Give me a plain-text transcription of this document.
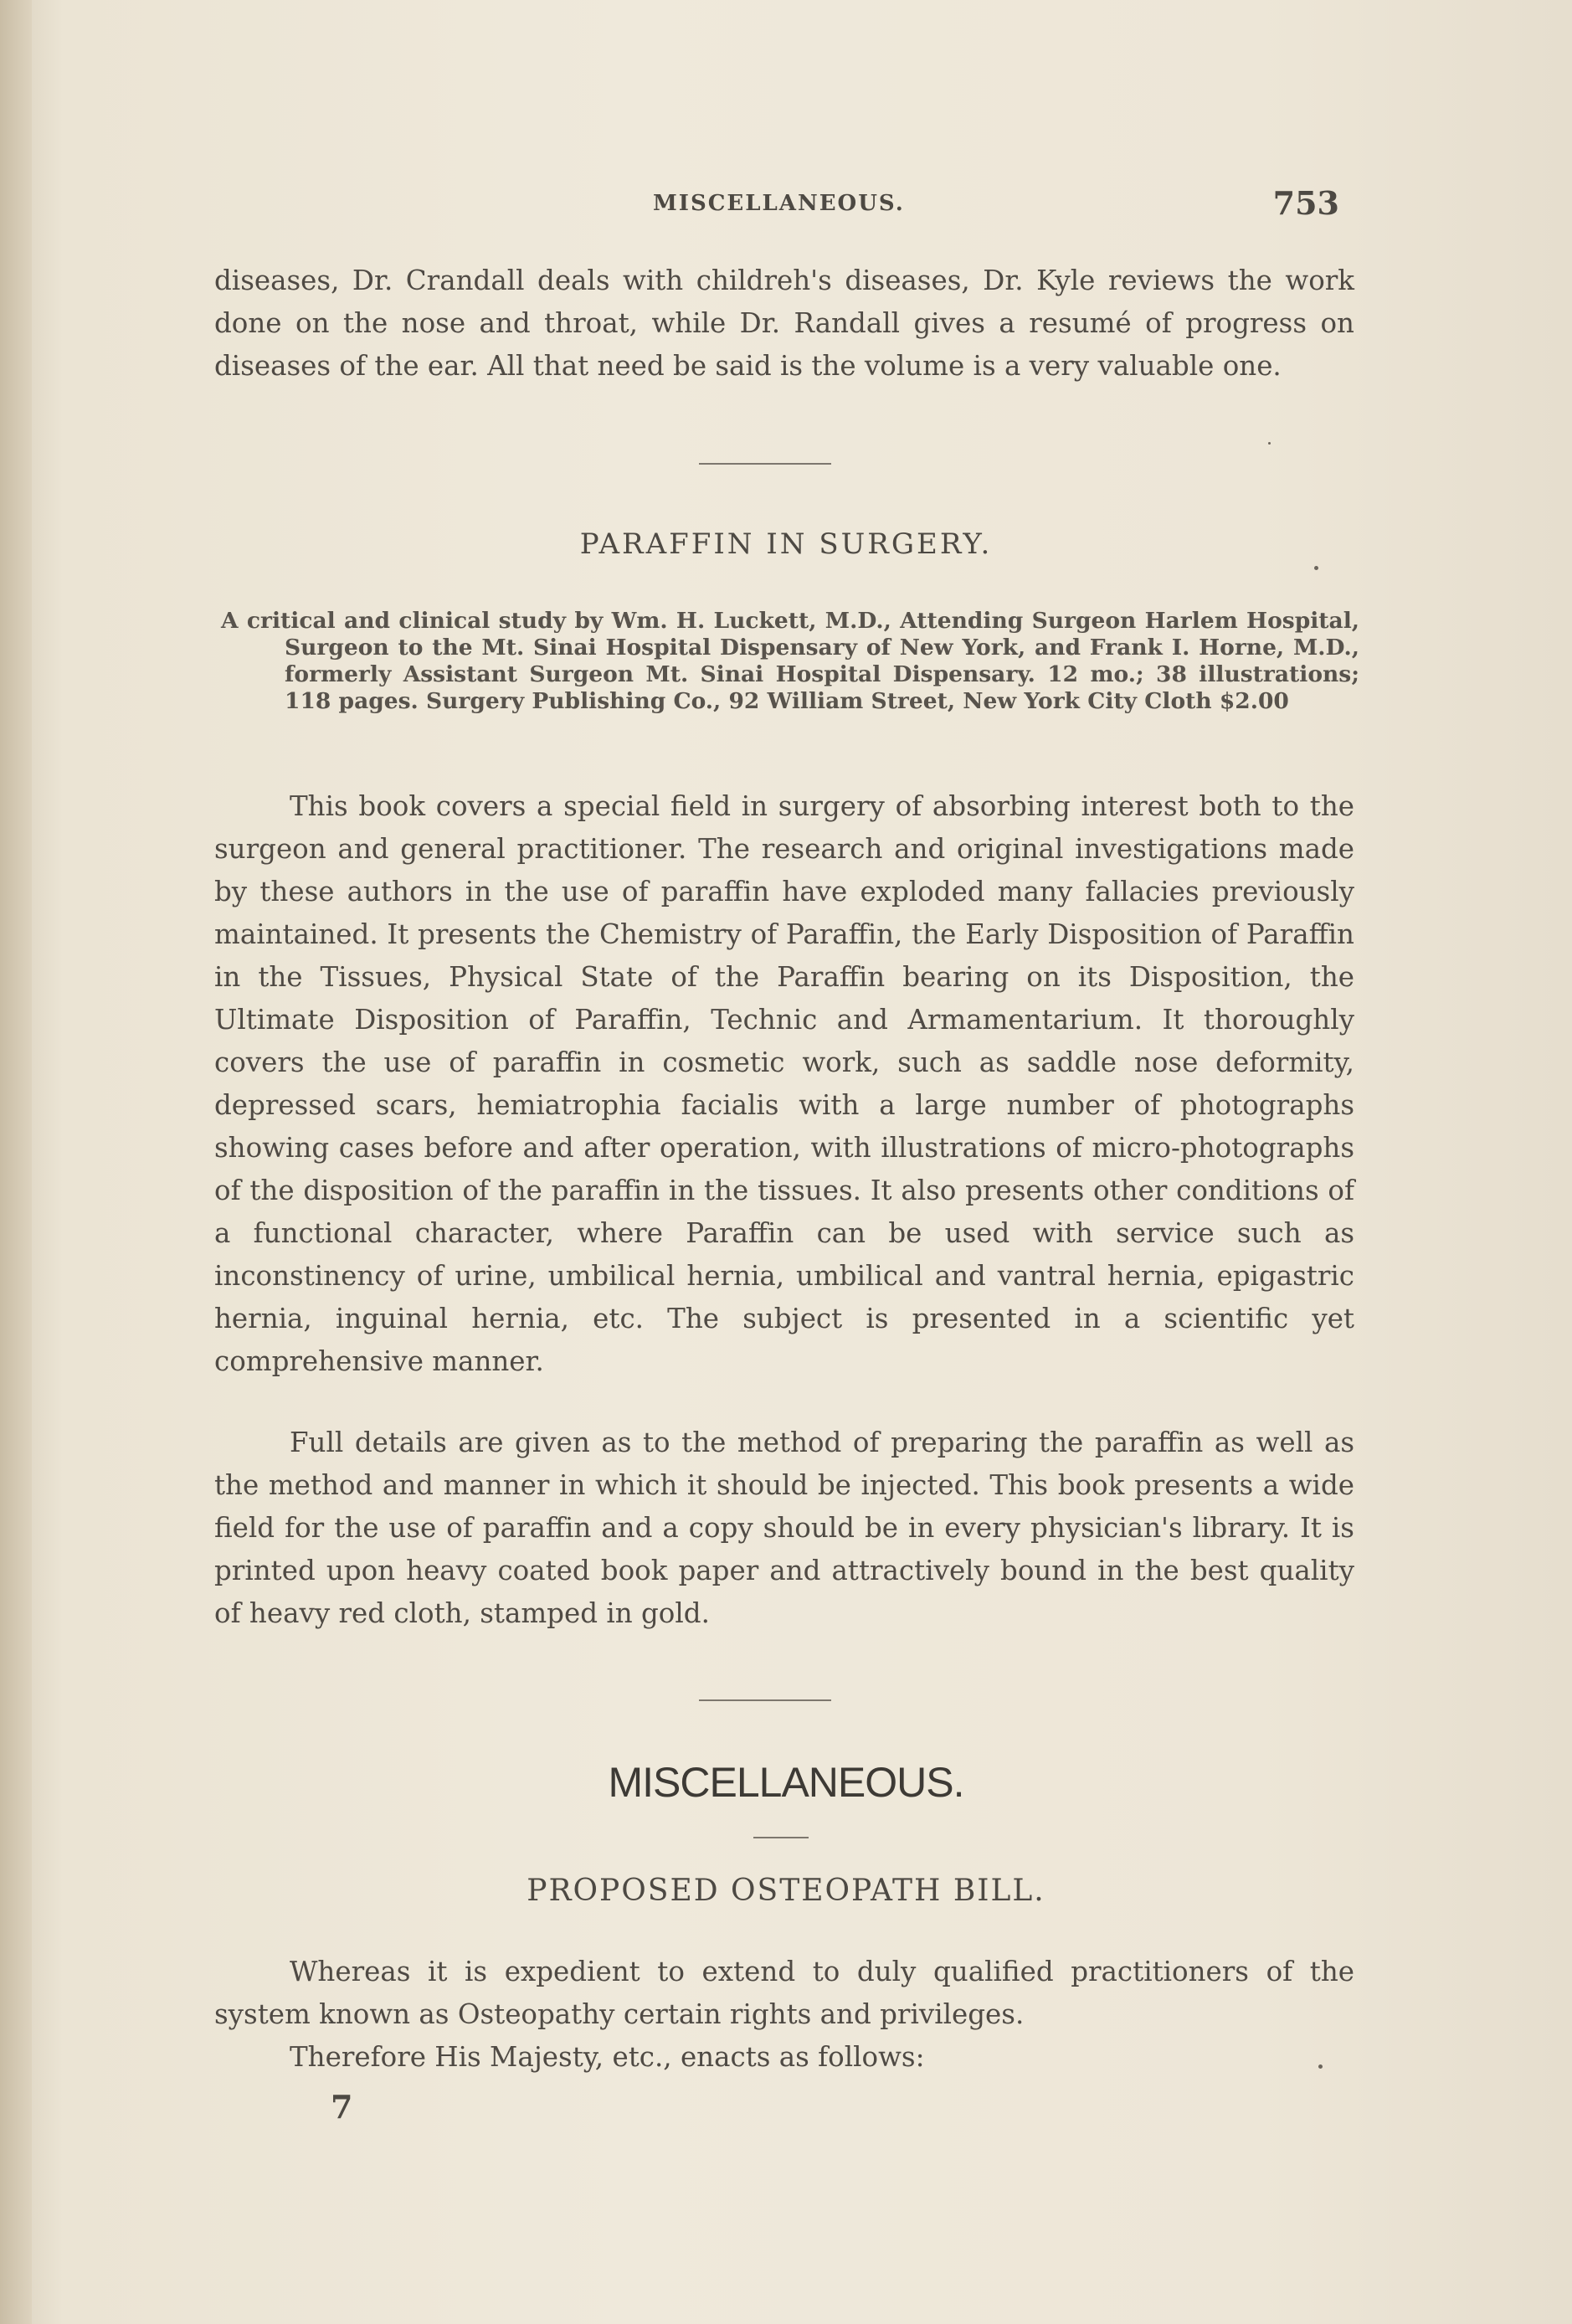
MISCELLANEOUS.	753

diseases, Dr. Crandall deals with childreh's diseases, Dr. Kyle reviews the work done on the nose and throat, while Dr. Randall gives a resumé of progress on diseases of the ear. All that need be said is the volume is a very valuable one.

PARAFFIN IN SURGERY.
A critical and clinical study by Wm. H. Luckett, M.D., Attending Surgeon Harlem Hospital, Surgeon to the Mt. Sinai Hospital Dispensary of New York, and Frank I. Horne, M.D., formerly Assistant Surgeon Mt. Sinai Hospital Dispensary. 12 mo.; 38 illustrations; 118 pages. Surgery Publishing Co., 92 William Street, New York City Cloth $2.00

This book covers a special field in surgery of absorbing interest both to the surgeon and general practitioner. The research and original investigations made by these authors in the use of paraffin have exploded many fallacies previously maintained. It presents the Chemistry of Paraffin, the Early Disposition of Paraffin in the Tissues, Physical State of the Paraffin bearing on its Disposition, the Ultimate Disposition of Paraffin, Technic and Armamentarium. It thoroughly covers the use of paraffin in cosmetic work, such as saddle nose deformity, depressed scars, hemiatrophia facialis with a large number of photographs showing cases before and after operation, with illustrations of micro-photographs of the disposition of the paraffin in the tissues. It also presents other conditions of a functional character, where Paraffin can be used with service such as inconstinency of urine, umbilical hernia, umbilical and vantral hernia, epigastric hernia, inguinal hernia, etc. The subject is presented in a scientific yet comprehensive manner.

Full details are given as to the method of preparing the paraffin as well as the method and manner in which it should be injected. This book presents a wide field for the use of paraffin and a copy should be in every physician's library. It is printed upon heavy coated book paper and attractively bound in the best quality of heavy red cloth, stamped in gold.

MISCELLANEOUS.
PROPOSED OSTEOPATH BILL.

Whereas it is expedient to extend to duly qualified practitioners of the system known as Osteopathy certain rights and privileges.

Therefore His Majesty, etc., enacts as follows:

7
